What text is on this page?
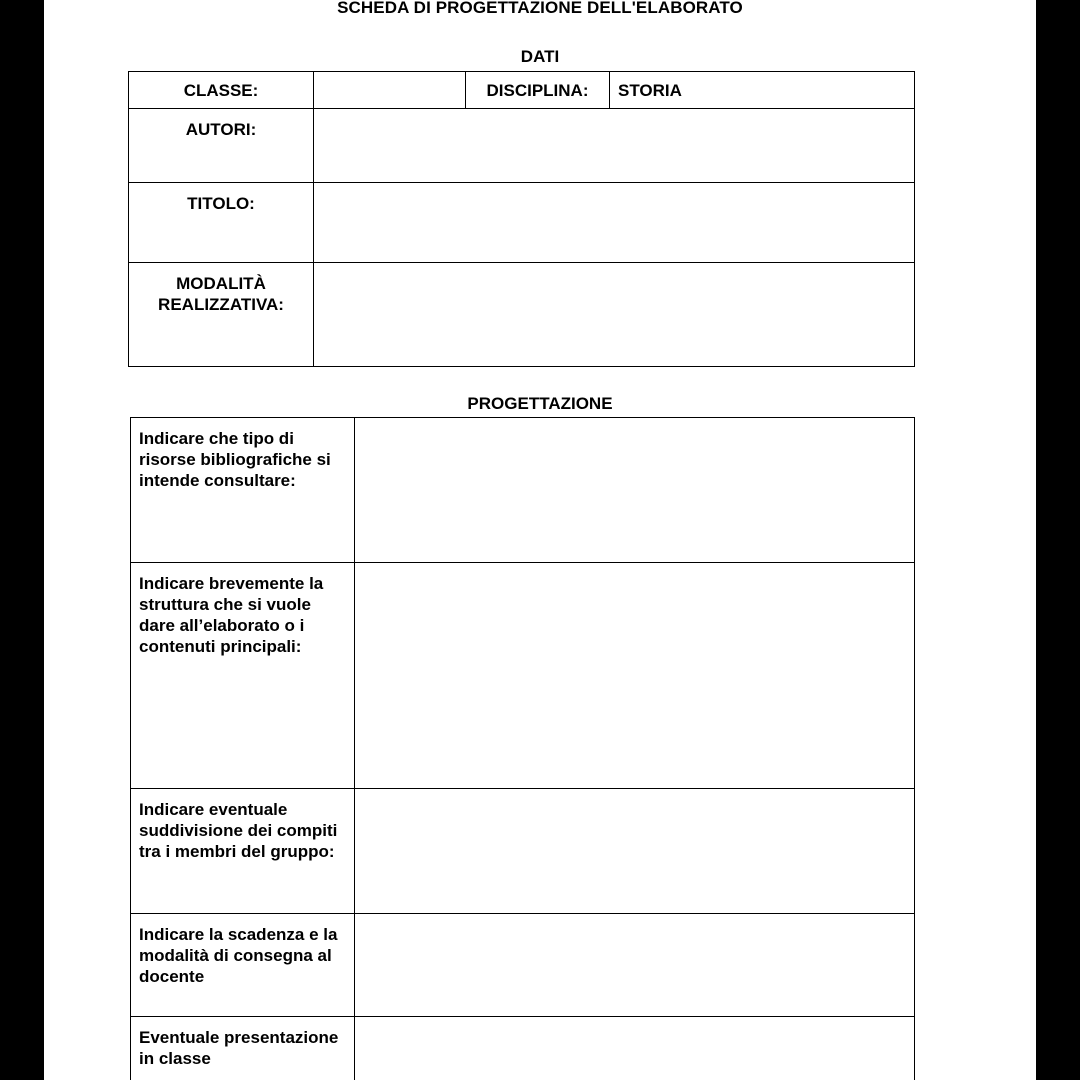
SCHEDA DI PROGETTAZIONE DELL'ELABORATO
DATI
CLASSE:		DISCIPLINA:	STORIA
AUTORI:			
TITOLO:			

MODALITÀ
REALIZZATIVA:			

PROGETTAZIONE
Indicare che tipo di risorse bibliografiche si intende consultare:	
Indicare brevemente la struttura che si vuole dare all’elaborato o i contenuti principali:	
Indicare eventuale suddivisione dei compiti tra i membri del gruppo:	
Indicare la scadenza e la modalità di consegna al docente	
Eventuale presentazione in classe	
